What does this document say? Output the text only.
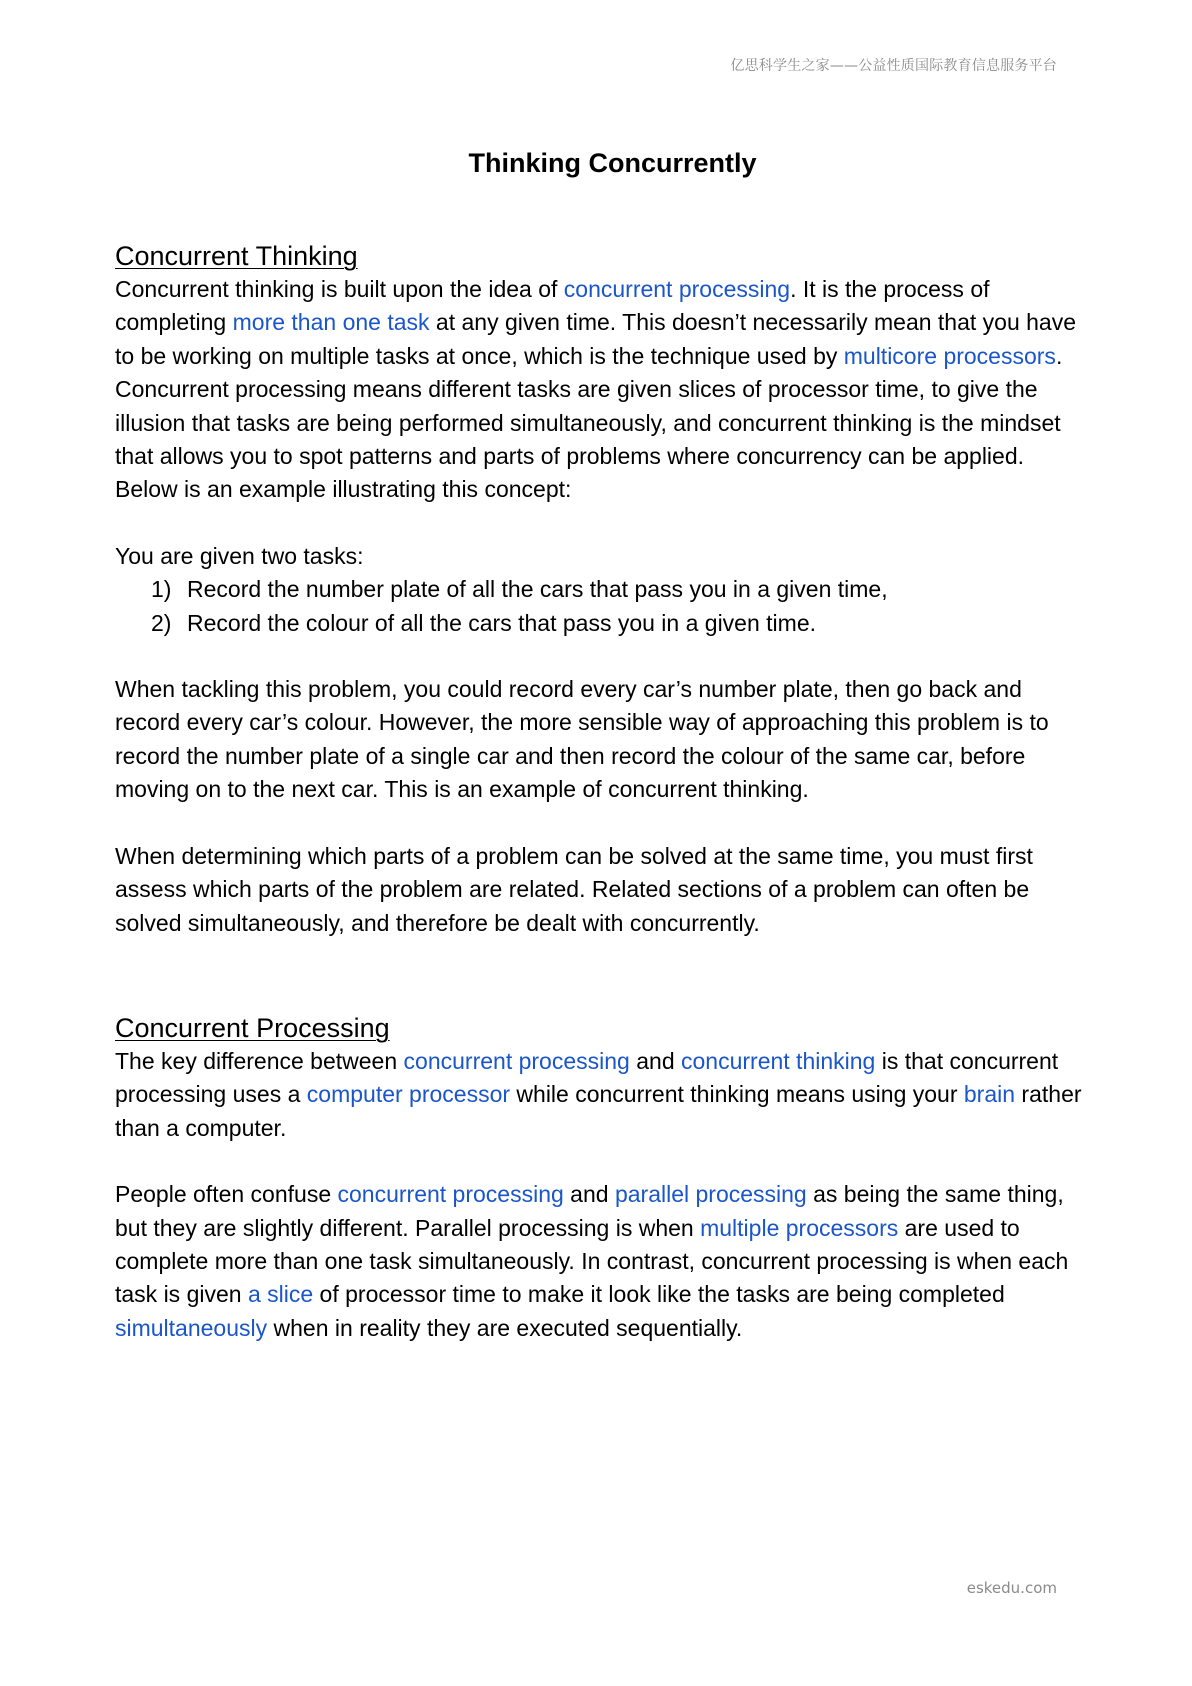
亿思科学生之家——公益性质国际教育信息服务平台
Thinking Concurrently
Concurrent Thinking

Concurrent thinking is built upon the idea of concurrent processing. It is the process of completing more than one task at any given time. This doesn’t necessarily mean that you have to be working on multiple tasks at once, which is the technique used by multicore processors. Concurrent processing means different tasks are given slices of processor time, to give the illusion that tasks are being performed simultaneously, and concurrent thinking is the mindset that allows you to spot patterns and parts of problems where concurrency can be applied. Below is an example illustrating this concept:

You are given two tasks:

1) Record the number plate of all the cars that pass you in a given time,
2) Record the colour of all the cars that pass you in a given time.

When tackling this problem, you could record every car’s number plate, then go back and record every car’s colour. However, the more sensible way of approaching this problem is to record the number plate of a single car and then record the colour of the same car, before moving on to the next car. This is an example of concurrent thinking.

When determining which parts of a problem can be solved at the same time, you must first assess which parts of the problem are related. Related sections of a problem can often be solved simultaneously, and therefore be dealt with concurrently.

Concurrent Processing

The key difference between concurrent processing and concurrent thinking is that concurrent processing uses a computer processor while concurrent thinking means using your brain rather than a computer.

People often confuse concurrent processing and parallel processing as being the same thing, but they are slightly different. Parallel processing is when multiple processors are used to complete more than one task simultaneously. In contrast, concurrent processing is when each task is given a slice of processor time to make it look like the tasks are being completed simultaneously when in reality they are executed sequentially.

eskedu.com
